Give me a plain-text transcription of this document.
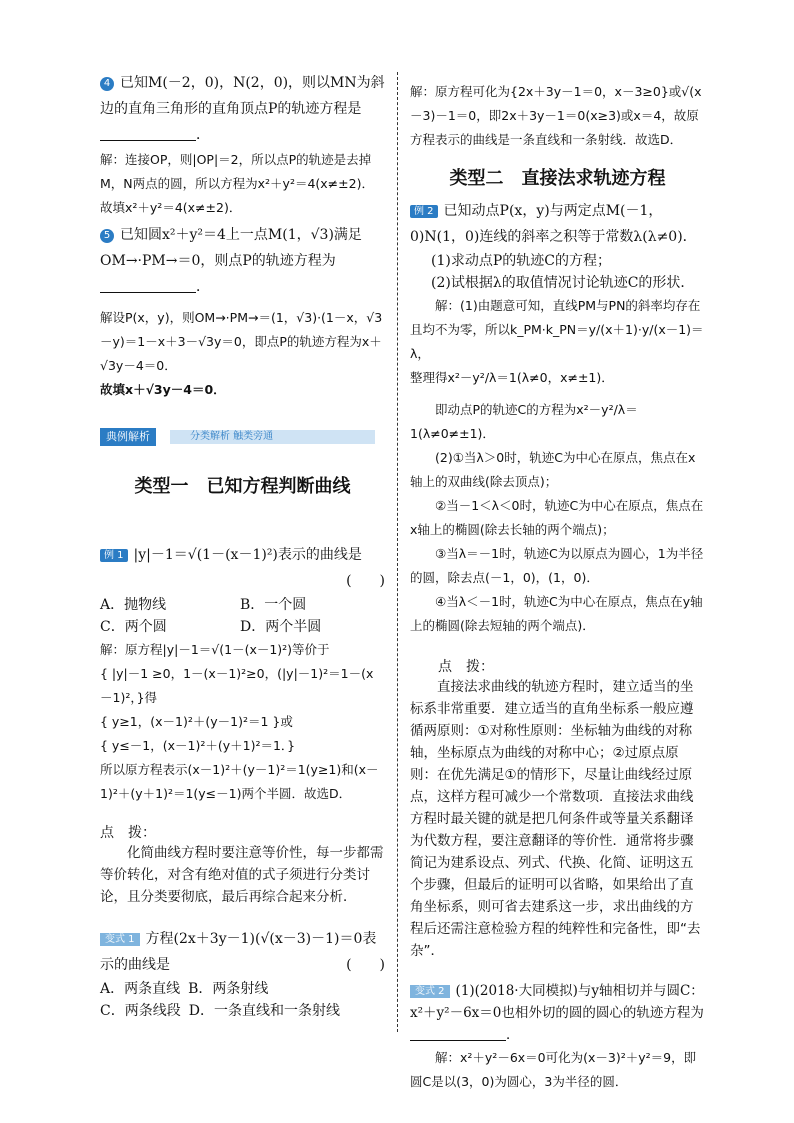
4 已知M(－2，0)，N(2，0)，则以MN为斜边的直角三角形的直角顶点P的轨迹方程是 ．

解：连接OP，则|OP|＝2，所以点P的轨迹是去掉M，N两点的圆，所以方程为x²＋y²＝4(x≠±2)．故填x²＋y²＝4(x≠±2)．

5 已知圆x²＋y²＝4上一点M(1，√3)满足OM→·PM→＝0，则点P的轨迹方程为 ．

解设P(x，y)，则OM→·PM→＝(1，√3)·(1－x，√3－y)＝1－x＋3－√3y＝0，即点P的轨迹方程为x＋√3y－4＝0．

故填x＋√3y－4＝0．

典例解析	分类解析 触类旁通

类型一　已知方程判断曲线

例 1 |y|－1＝√(1－(x－1)²)表示的曲线是

(　　)

A．抛物线	B．一个圆
C．两个圆	D．两个半圆

解：原方程|y|－1＝√(1－(x－1)²)等价于

{ |y|－1 ≥0，1－(x－1)²≥0，(|y|－1)²＝1－(x－1)²，}得

{ y≥1，(x－1)²＋(y－1)²＝1 }或

{ y≤－1，(x－1)²＋(y＋1)²＝1．}

所以原方程表示(x－1)²＋(y－1)²＝1(y≥1)和(x－1)²＋(y＋1)²＝1(y≤－1)两个半圆．故选D．

点　拨：

化简曲线方程时要注意等价性，每一步都需等价转化，对含有绝对值的式子须进行分类讨论，且分类要彻底，最后再综合起来分析．

变式 1 方程(2x＋3y－1)(√(x－3)－1)＝0表示的曲线是	(　　)

A．两条直线 B．两条射线
C．两条线段 D．一条直线和一条射线

解：原方程可化为{2x＋3y－1＝0，x－3≥0}或√(x－3)－1＝0，即2x＋3y－1＝0(x≥3)或x＝4，故原方程表示的曲线是一条直线和一条射线．故选D．

类型二　直接法求轨迹方程

例 2 已知动点P(x，y)与两定点M(－1，0)N(1，0)连线的斜率之积等于常数λ(λ≠0)．

(1)求动点P的轨迹C的方程；

(2)试根据λ的取值情况讨论轨迹C的形状．

解：(1)由题意可知，直线PM与PN的斜率均存在且均不为零，所以k_PM·k_PN＝y/(x＋1)·y/(x－1)＝λ，

整理得x²－y²/λ＝1(λ≠0，x≠±1)．

即动点P的轨迹C的方程为x²－y²/λ＝1(λ≠0≠±1)．

(2)①当λ＞0时，轨迹C为中心在原点，焦点在x轴上的双曲线(除去顶点)；

②当－1＜λ＜0时，轨迹C为中心在原点，焦点在x轴上的椭圆(除去长轴的两个端点)；

③当λ＝－1时，轨迹C为以原点为圆心，1为半径的圆，除去点(－1，0)，(1，0)．

④当λ＜－1时，轨迹C为中心在原点，焦点在y轴上的椭圆(除去短轴的两个端点)．

点　拨：

直接法求曲线的轨迹方程时，建立适当的坐标系非常重要．建立适当的直角坐标系一般应遵循两原则：①对称性原则：坐标轴为曲线的对称轴，坐标原点为曲线的对称中心；②过原点原则：在优先满足①的情形下，尽量让曲线经过原点，这样方程可减少一个常数项．直接法求曲线方程时最关键的就是把几何条件或等量关系翻译为代数方程，要注意翻译的等价性．通常将步骤简记为建系设点、列式、代换、化简、证明这五个步骤，但最后的证明可以省略，如果给出了直角坐标系，则可省去建系这一步，求出曲线的方程后还需注意检验方程的纯粹性和完备性，即“去杂”．

变式 2 (1)(2018·大同模拟)与y轴相切并与圆C：x²＋y²－6x＝0也相外切的圆的圆心的轨迹方程为 ．

解：x²＋y²－6x＝0可化为(x－3)²＋y²＝9，即圆C是以(3，0)为圆心，3为半径的圆．
